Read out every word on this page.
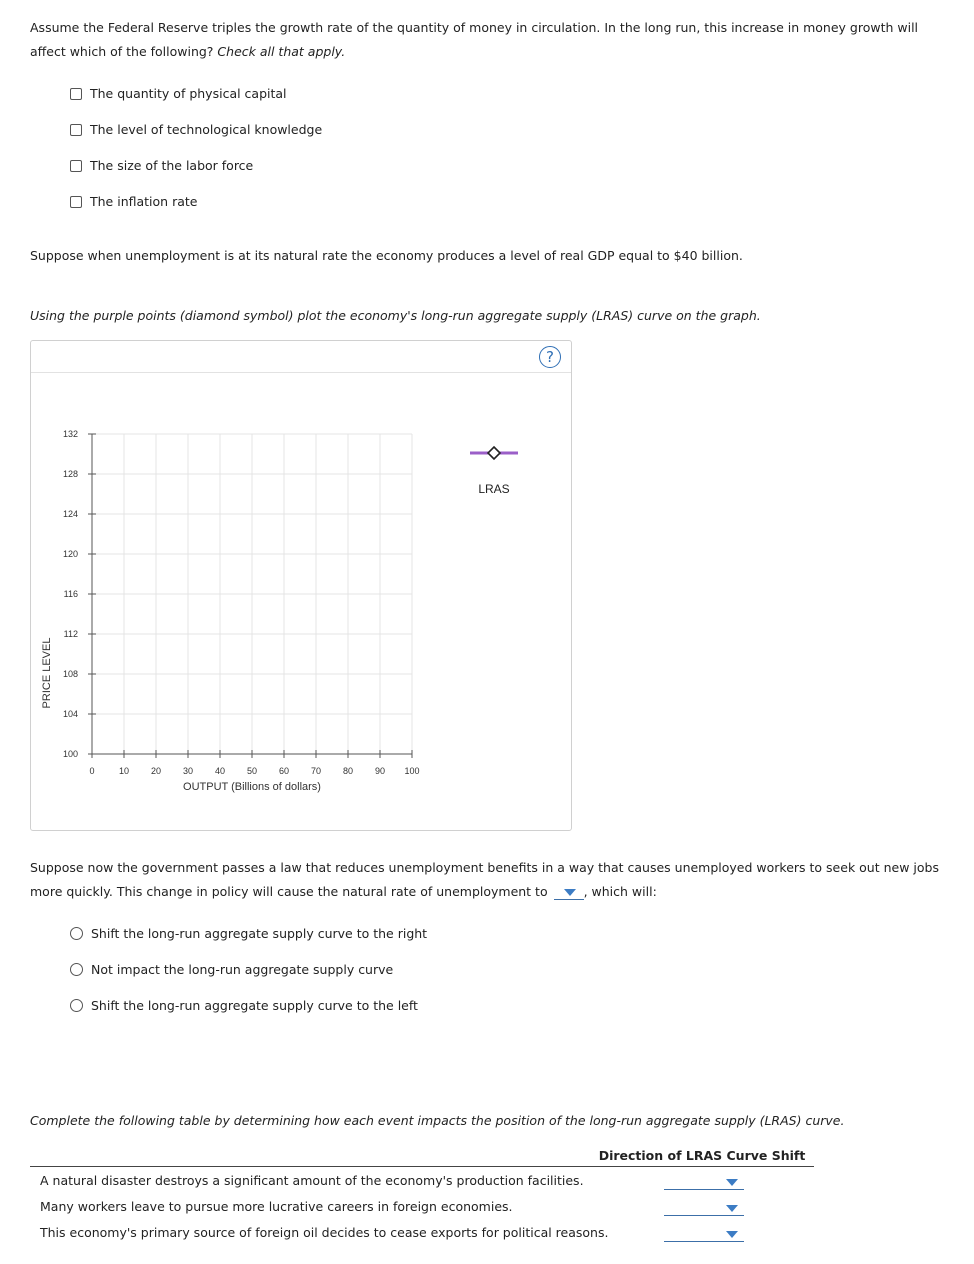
Assume the Federal Reserve triples the growth rate of the quantity of money in circulation. In the long run, this increase in money growth will affect which of the following? Check all that apply.
The quantity of physical capital
The level of technological knowledge
The size of the labor force
The inflation rate
Suppose when unemployment is at its natural rate the economy produces a level of real GDP equal to $40 billion.
Using the purple points (diamond symbol) plot the economy's long-run aggregate supply (LRAS) curve on the graph.
?
0	10 20 30 40 50 60 70 80 90 100
100
104
108
112
116
120
124
128
132
PRICE LEVEL
OUTPUT (Billions of dollars)
LRAS
Suppose now the government passes a law that reduces unemployment benefits in a way that causes unemployed workers to seek out new jobs more quickly. This change in policy will cause the natural rate of unemployment to	, which will:
Shift the long-run aggregate supply curve to the right
Not impact the long-run aggregate supply curve
Shift the long-run aggregate supply curve to the left
Complete the following table by determining how each event impacts the position of the long-run aggregate supply (LRAS) curve.
Direction of LRAS Curve Shift
A natural disaster destroys a significant amount of the economy's production facilities.
Many workers leave to pursue more lucrative careers in foreign economies.
This economy's primary source of foreign oil decides to cease exports for political reasons.
